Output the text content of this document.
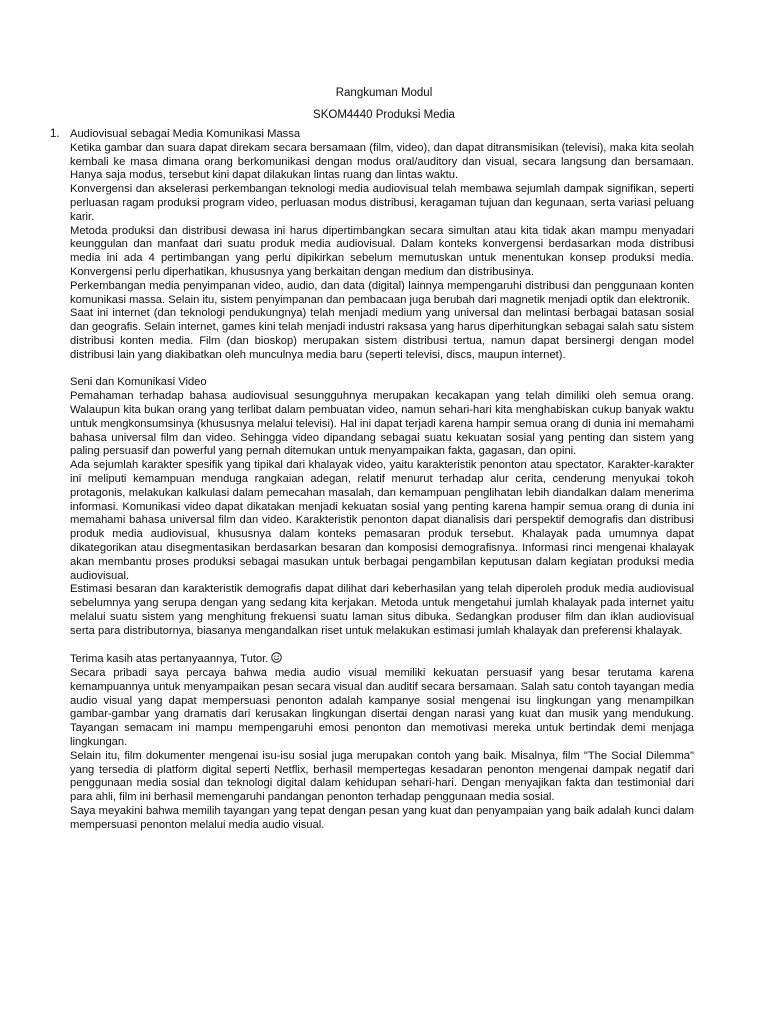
Rangkuman Modul
SKOM4440 Produksi Media
1. Audiovisual sebagai Media Komunikasi Massa

Ketika gambar dan suara dapat direkam secara bersamaan (film, video), dan dapat ditransmisikan (televisi), maka kita seolah kembali ke masa dimana orang berkomunikasi dengan modus oral/auditory dan visual, secara langsung dan bersamaan. Hanya saja modus, tersebut kini dapat dilakukan lintas ruang dan lintas waktu.

Konvergensi dan akselerasi perkembangan teknologi media audiovisual telah membawa sejumlah dampak signifikan, seperti perluasan ragam produksi program video, perluasan modus distribusi, keragaman tujuan dan kegunaan, serta variasi peluang karir.

Metoda produksi dan distribusi dewasa ini harus dipertimbangkan secara simultan atau kita tidak akan mampu menyadari keunggulan dan manfaat dari suatu produk media audiovisual. Dalam konteks konvergensi berdasarkan moda distribusi media ini ada 4 pertimbangan yang perlu dipikirkan sebelum memutuskan untuk menentukan konsep produksi media. Konvergensi perlu diperhatikan, khususnya yang berkaitan dengan medium dan distribusinya.

Perkembangan media penyimpanan video, audio, dan data (digital) lainnya mempengaruhi distribusi dan penggunaan konten komunikasi massa. Selain itu, sistem penyimpanan dan pembacaan juga berubah dari magnetik menjadi optik dan elektronik.

Saat ini internet (dan teknologi pendukungnya) telah menjadi medium yang universal dan melintasi berbagai batasan sosial dan geografis. Selain internet, games kini telah menjadi industri raksasa yang harus diperhitungkan sebagai salah satu sistem distribusi konten media. Film (dan bioskop) merupakan sistem distribusi tertua, namun dapat bersinergi dengan model distribusi lain yang diakibatkan oleh munculnya media baru (seperti televisi, discs, maupun internet).

Seni dan Komunikasi Video

Pemahaman terhadap bahasa audiovisual sesungguhnya merupakan kecakapan yang telah dimiliki oleh semua orang. Walaupun kita bukan orang yang terlibat dalam pembuatan video, namun sehari-hari kita menghabiskan cukup banyak waktu untuk mengkonsumsinya (khususnya melalui televisi). Hal ini dapat terjadi karena hampir semua orang di dunia ini memahami bahasa universal film dan video. Sehingga video dipandang sebagai suatu kekuatan sosial yang penting dan sistem yang paling persuasif dan powerful yang pernah ditemukan untuk menyampaikan fakta, gagasan, dan opini.

Ada sejumlah karakter spesifik yang tipikal dari khalayak video, yaitu karakteristik penonton atau spectator. Karakter-karakter ini meliputi kemampuan menduga rangkaian adegan, relatif menurut terhadap alur cerita, cenderung menyukai tokoh protagonis, melakukan kalkulasi dalam pemecahan masalah, dan kemampuan penglihatan lebih diandalkan dalam menerima informasi. Komunikasi video dapat dikatakan menjadi kekuatan sosial yang penting karena hampir semua orang di dunia ini memahami bahasa universal film dan video. Karakteristik penonton dapat dianalisis dari perspektif demografis dan distribusi produk media audiovisual, khususnya dalam konteks pemasaran produk tersebut. Khalayak pada umumnya dapat dikategorikan atau disegmentasikan berdasarkan besaran dan komposisi demografisnya. Informasi rinci mengenai khalayak akan membantu proses produksi sebagai masukan untuk berbagai pengambilan keputusan dalam kegiatan produksi media audiovisual.

Estimasi besaran dan karakteristik demografis dapat dilihat dari keberhasilan yang telah diperoleh produk media audiovisual sebelumnya yang serupa dengan yang sedang kita kerjakan. Metoda untuk mengetahui jumlah khalayak pada internet yaitu melalui suatu sistem yang menghitung frekuensi suatu laman situs dibuka. Sedangkan produser film dan iklan audiovisual serta para distributornya, biasanya mengandalkan riset untuk melakukan estimasi jumlah khalayak dan preferensi khalayak.

Terima kasih atas pertanyaannya, Tutor.

Secara pribadi saya percaya bahwa media audio visual memiliki kekuatan persuasif yang besar terutama karena kemampuannya untuk menyampaikan pesan secara visual dan auditif secara bersamaan. Salah satu contoh tayangan media audio visual yang dapat mempersuasi penonton adalah kampanye sosial mengenai isu lingkungan yang menampilkan gambar-gambar yang dramatis dari kerusakan lingkungan disertai dengan narasi yang kuat dan musik yang mendukung. Tayangan semacam ini mampu mempengaruhi emosi penonton dan memotivasi mereka untuk bertindak demi menjaga lingkungan.

Selain itu, film dokumenter mengenai isu-isu sosial juga merupakan contoh yang baik. Misalnya, film "The Social Dilemma" yang tersedia di platform digital seperti Netflix, berhasil mempertegas kesadaran penonton mengenai dampak negatif dari penggunaan media sosial dan teknologi digital dalam kehidupan sehari-hari. Dengan menyajikan fakta dan testimonial dari para ahli, film ini berhasil memengaruhi pandangan penonton terhadap penggunaan media sosial.

Saya meyakini bahwa memilih tayangan yang tepat dengan pesan yang kuat dan penyampaian yang baik adalah kunci dalam mempersuasi penonton melalui media audio visual.
